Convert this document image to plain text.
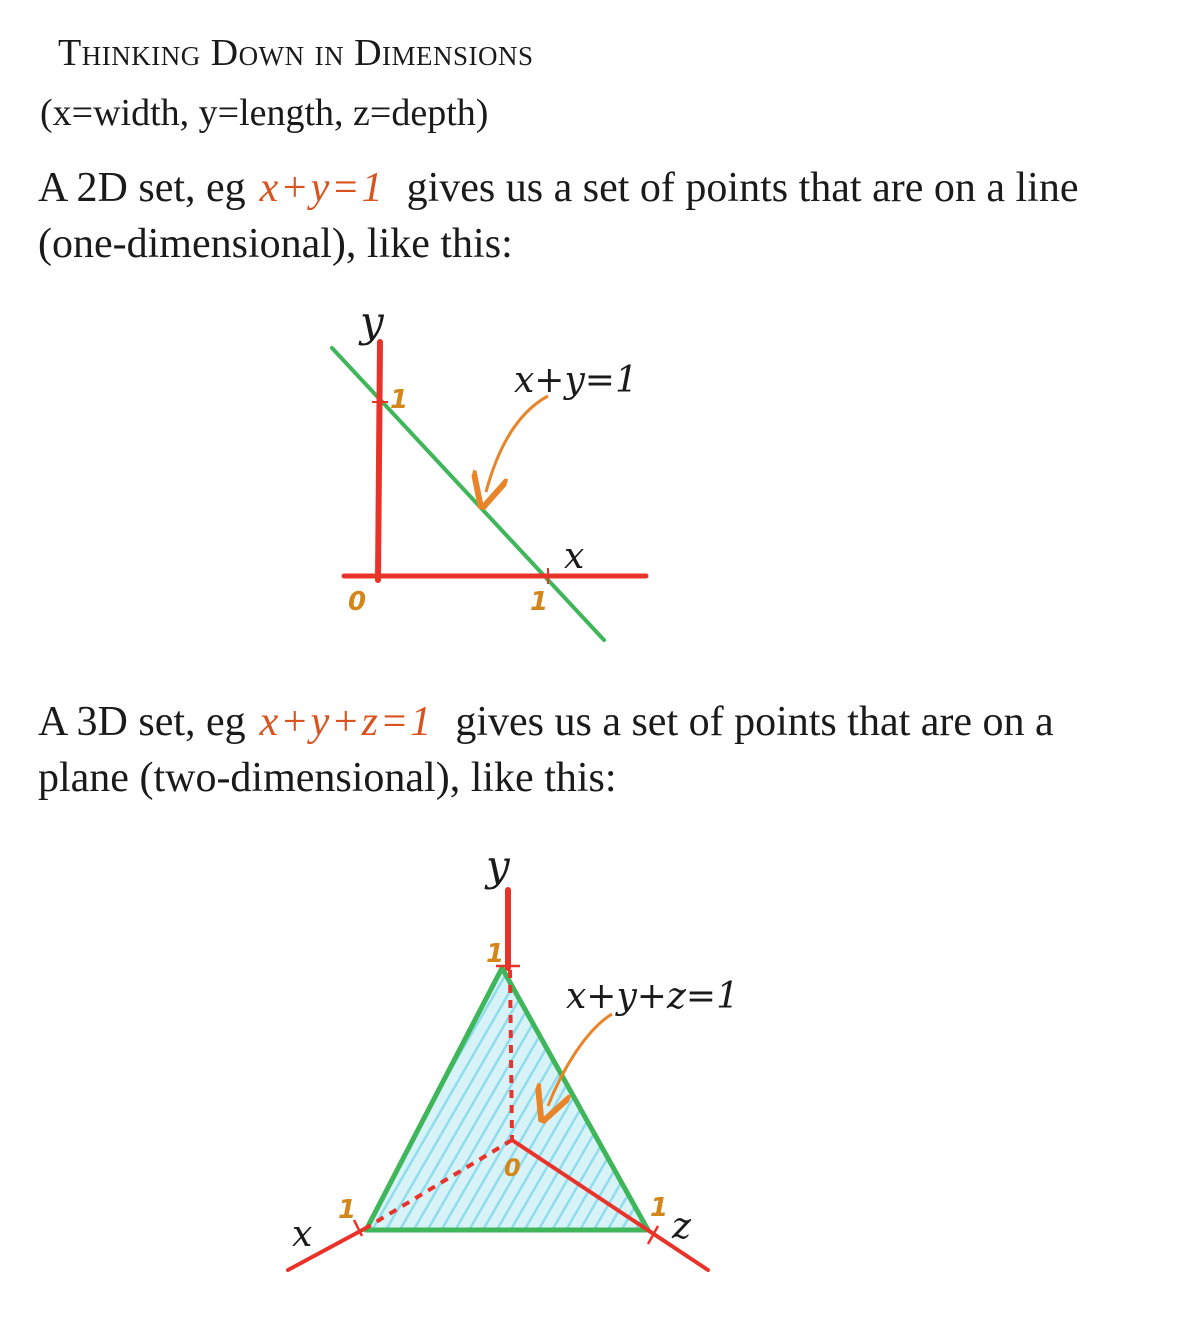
Thinking Down in Dimensions
(x=width, y=length, z=depth)
A 2D set, eg x+y=1 gives us a set of points that are on a line
(one-dimensional), like this:
A 3D set, eg x+y+z=1 gives us a set of points that are on a
plane (two-dimensional), like this:
y
x
0
1
1
x+y=1
y
x	z
0
1
1	1
x+y+z=1
